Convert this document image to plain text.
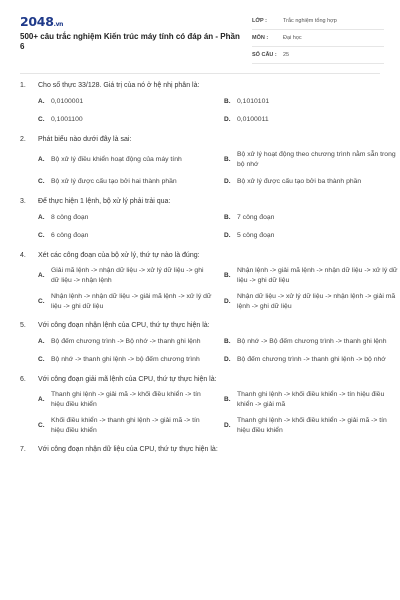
2048.vn
500+ câu trắc nghiệm Kiến trúc máy tính có đáp án - Phần 6
LỚP :	Trắc nghiệm tổng hợp
MÔN :	Đại học
SỐ CÂU :	25
1.	Cho số thực 33/128. Giá trị của nó ở hệ nhị phân là:
A. 0,0100001	B. 0,1010101
C. 0,1001100	D. 0,0100011
2.	Phát biểu nào dưới đây là sai:
A. Bộ xử lý điều khiển hoạt động của máy tính	B.
Bộ xử lý hoạt động theo chương trình nằm sẵn trong bộ nhớ
C. Bộ xử lý được cấu tạo bởi hai thành phần	D. Bộ xử lý được cấu tạo bởi ba thành phần
3.	Để thực hiện 1 lệnh, bộ xử lý phải trải qua:
A. 8 công đoạn	B. 7 công đoạn
C. 6 công đoạn	D. 5 công đoạn
4.	Xét các công đoạn của bộ xử lý, thứ tự nào là đúng:
A.
Giải mã lệnh -> nhận dữ liệu -> xử lý dữ liệu -> ghi dữ liệu -> nhận lệnh
B.
Nhận lệnh -> giải mã lệnh -> nhận dữ liệu -> xử lý dữ liệu -> ghi dữ liệu
C.
Nhận lệnh -> nhận dữ liệu -> giải mã lệnh -> xử lý dữ liệu -> ghi dữ liệu
D.
Nhận dữ liệu -> xử lý dữ liệu -> nhận lệnh -> giải mã lệnh -> ghi dữ liệu
5.	Với công đoạn nhận lệnh của CPU, thứ tự thực hiện là:
A. Bộ đếm chương trình -> Bộ nhớ -> thanh ghi lệnh	B. Bộ nhớ -> Bộ đếm chương trình -> thanh ghi lệnh
C. Bộ nhớ -> thanh ghi lệnh -> bộ đếm chương trình	D. Bộ đếm chương trình -> thanh ghi lệnh -> bộ nhớ
6.	Với công đoạn giải mã lệnh của CPU, thứ tự thực hiện là:
A.
Thanh ghi lệnh -> giải mã -> khối điều khiển -> tín hiệu điều khiển
B.
Thanh ghi lệnh -> khối điều khiển -> tín hiệu điều khiển -> giải mã
C.
Khối điều khiển -> thanh ghi lệnh -> giải mã -> tín hiệu điều khiển
D.
Thanh ghi lệnh -> khối điều khiển -> giải mã -> tín hiệu điều khiển
7.	Với công đoạn nhận dữ liệu của CPU, thứ tự thực hiện là:
